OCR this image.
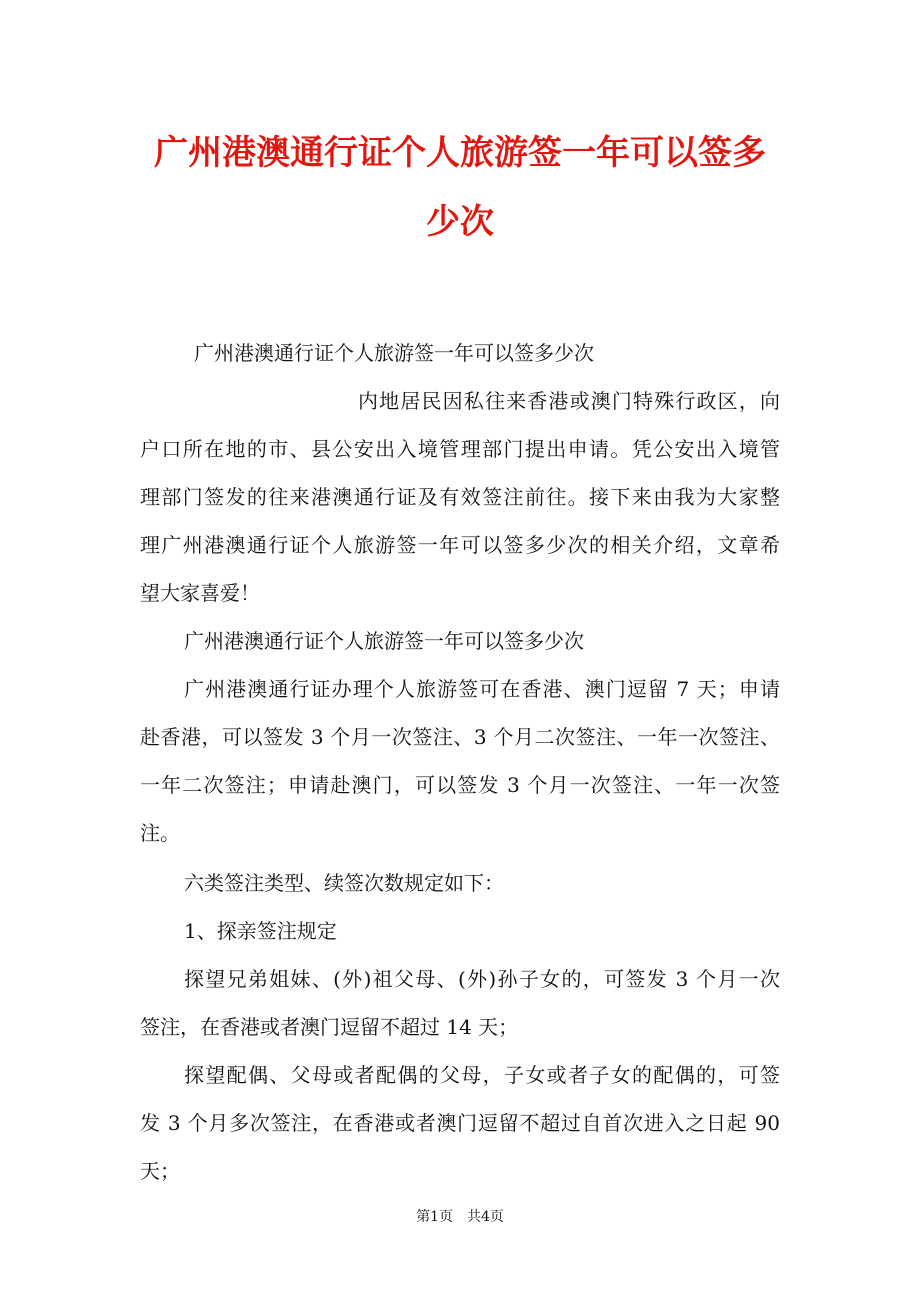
广州港澳通行证个人旅游签一年可以签多
少次
广州港澳通行证个人旅游签一年可以签多少次
内地居民因私往来香港或澳门特殊行政区，向
户口所在地的市、县公安出入境管理部门提出申请。凭公安出入境管
理部门签发的往来港澳通行证及有效签注前往。接下来由我为大家整
理广州港澳通行证个人旅游签一年可以签多少次的相关介绍，文章希
望大家喜爱！
广州港澳通行证个人旅游签一年可以签多少次
广州港澳通行证办理个人旅游签可在香港、澳门逗留 7 天；申请
赴香港，可以签发 3 个月一次签注、3 个月二次签注、一年一次签注、
一年二次签注；申请赴澳门，可以签发 3 个月一次签注、一年一次签
注。
六类签注类型、续签次数规定如下：
1、探亲签注规定
探望兄弟姐妹、(外)祖父母、(外)孙子女的，可签发 3 个月一次
签注，在香港或者澳门逗留不超过 14 天；
探望配偶、父母或者配偶的父母，子女或者子女的配偶的，可签
发 3 个月多次签注，在香港或者澳门逗留不超过自首次进入之日起 90
天；
第1页　共4页
